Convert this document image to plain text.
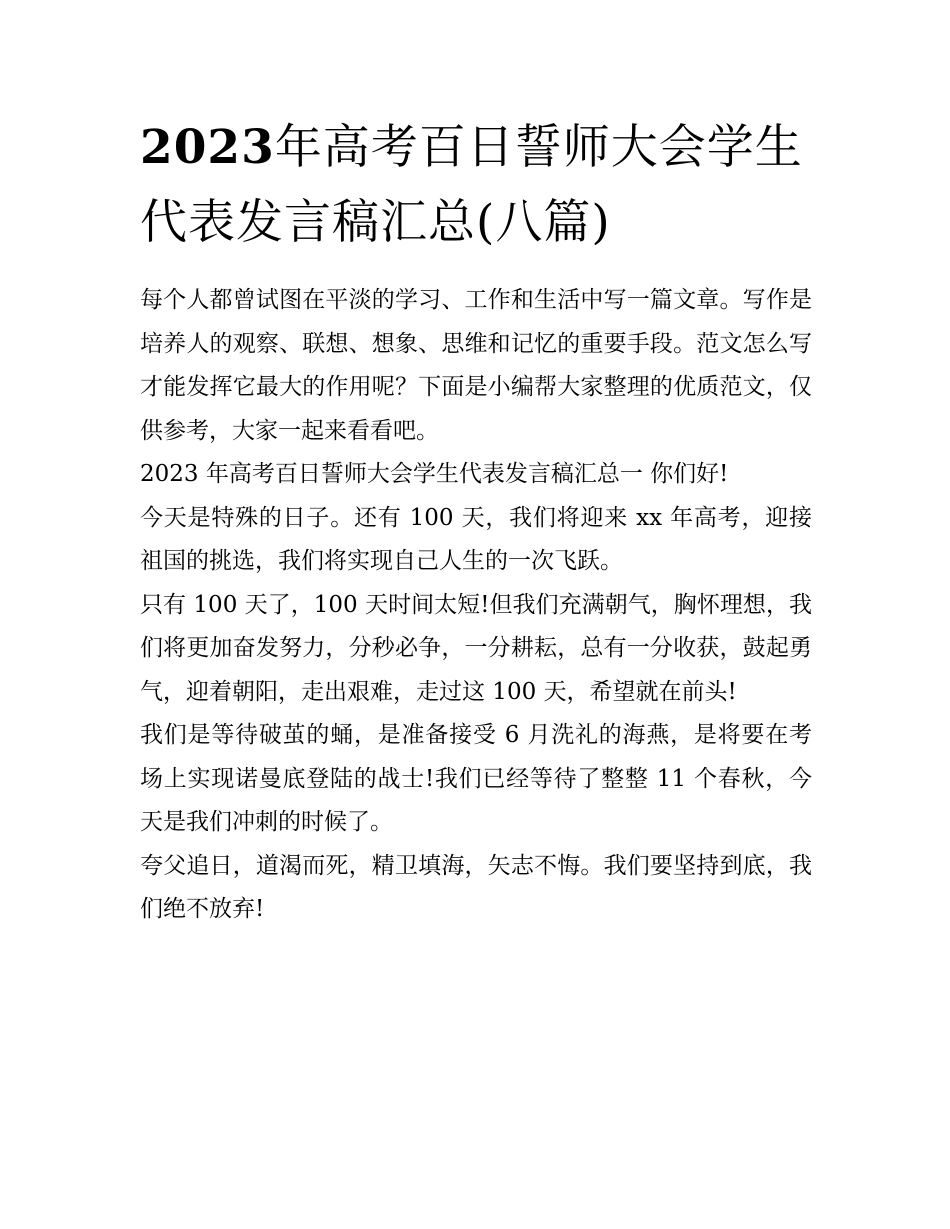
2023年高考百日誓师大会学生代表发言稿汇总(八篇)

每个人都曾试图在平淡的学习、工作和生活中写一篇文章。写作是培养人的观察、联想、想象、思维和记忆的重要手段。范文怎么写才能发挥它最大的作用呢？下面是小编帮大家整理的优质范文，仅供参考，大家一起来看看吧。

2023 年高考百日誓师大会学生代表发言稿汇总一 你们好!

今天是特殊的日子。还有 100 天，我们将迎来 xx 年高考，迎接祖国的挑选，我们将实现自己人生的一次飞跃。

只有 100 天了，100 天时间太短!但我们充满朝气，胸怀理想，我们将更加奋发努力，分秒必争，一分耕耘，总有一分收获，鼓起勇气，迎着朝阳，走出艰难，走过这 100 天，希望就在前头!

我们是等待破茧的蛹，是准备接受 6 月洗礼的海燕，是将要在考场上实现诺曼底登陆的战士!我们已经等待了整整 11 个春秋，今天是我们冲刺的时候了。

夸父追日，道渴而死，精卫填海，矢志不悔。我们要坚持到底，我们绝不放弃!
